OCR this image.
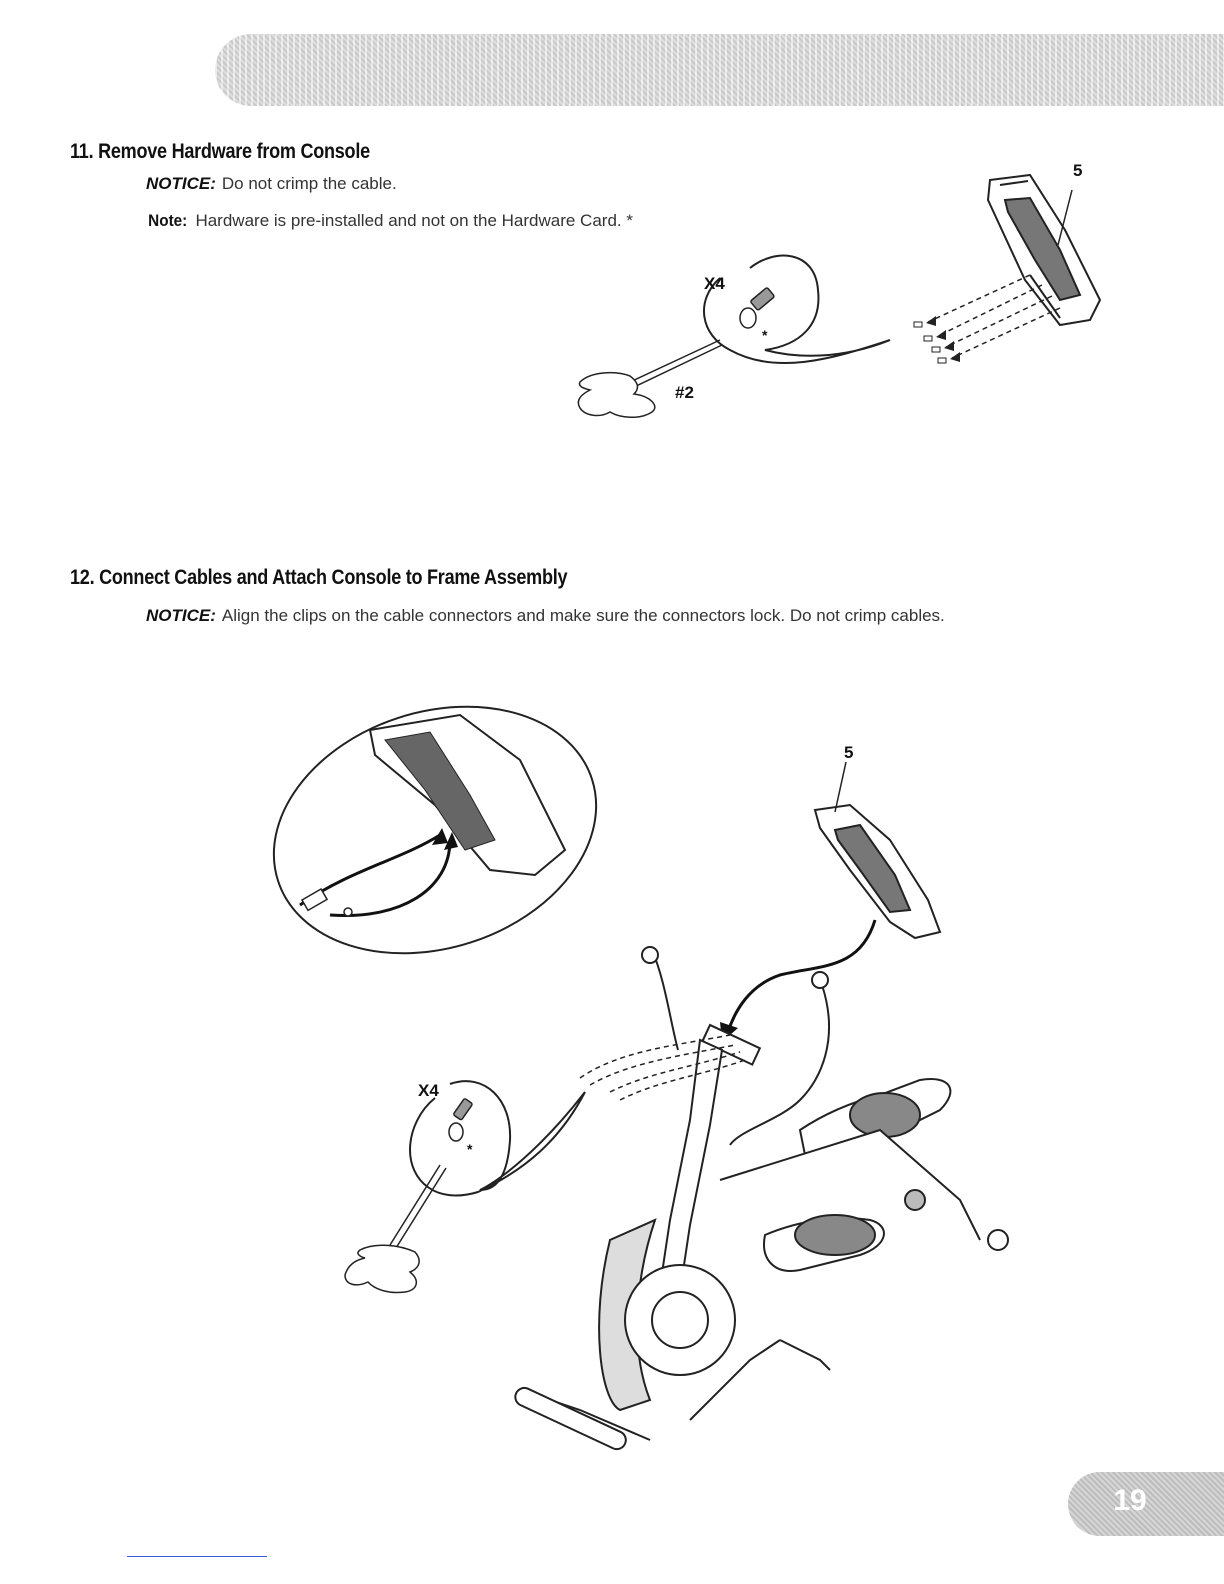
11. Remove Hardware from Console

NOTICE: Do not crimp the cable.

Note: Hardware is pre-installed and not on the Hardware Card. *

5
X4
*
#2
12. Connect Cables and Attach Console to Frame Assembly

NOTICE: Align the clips on the cable connectors and make sure the connectors lock. Do not crimp cables.

5
X4
*
19
